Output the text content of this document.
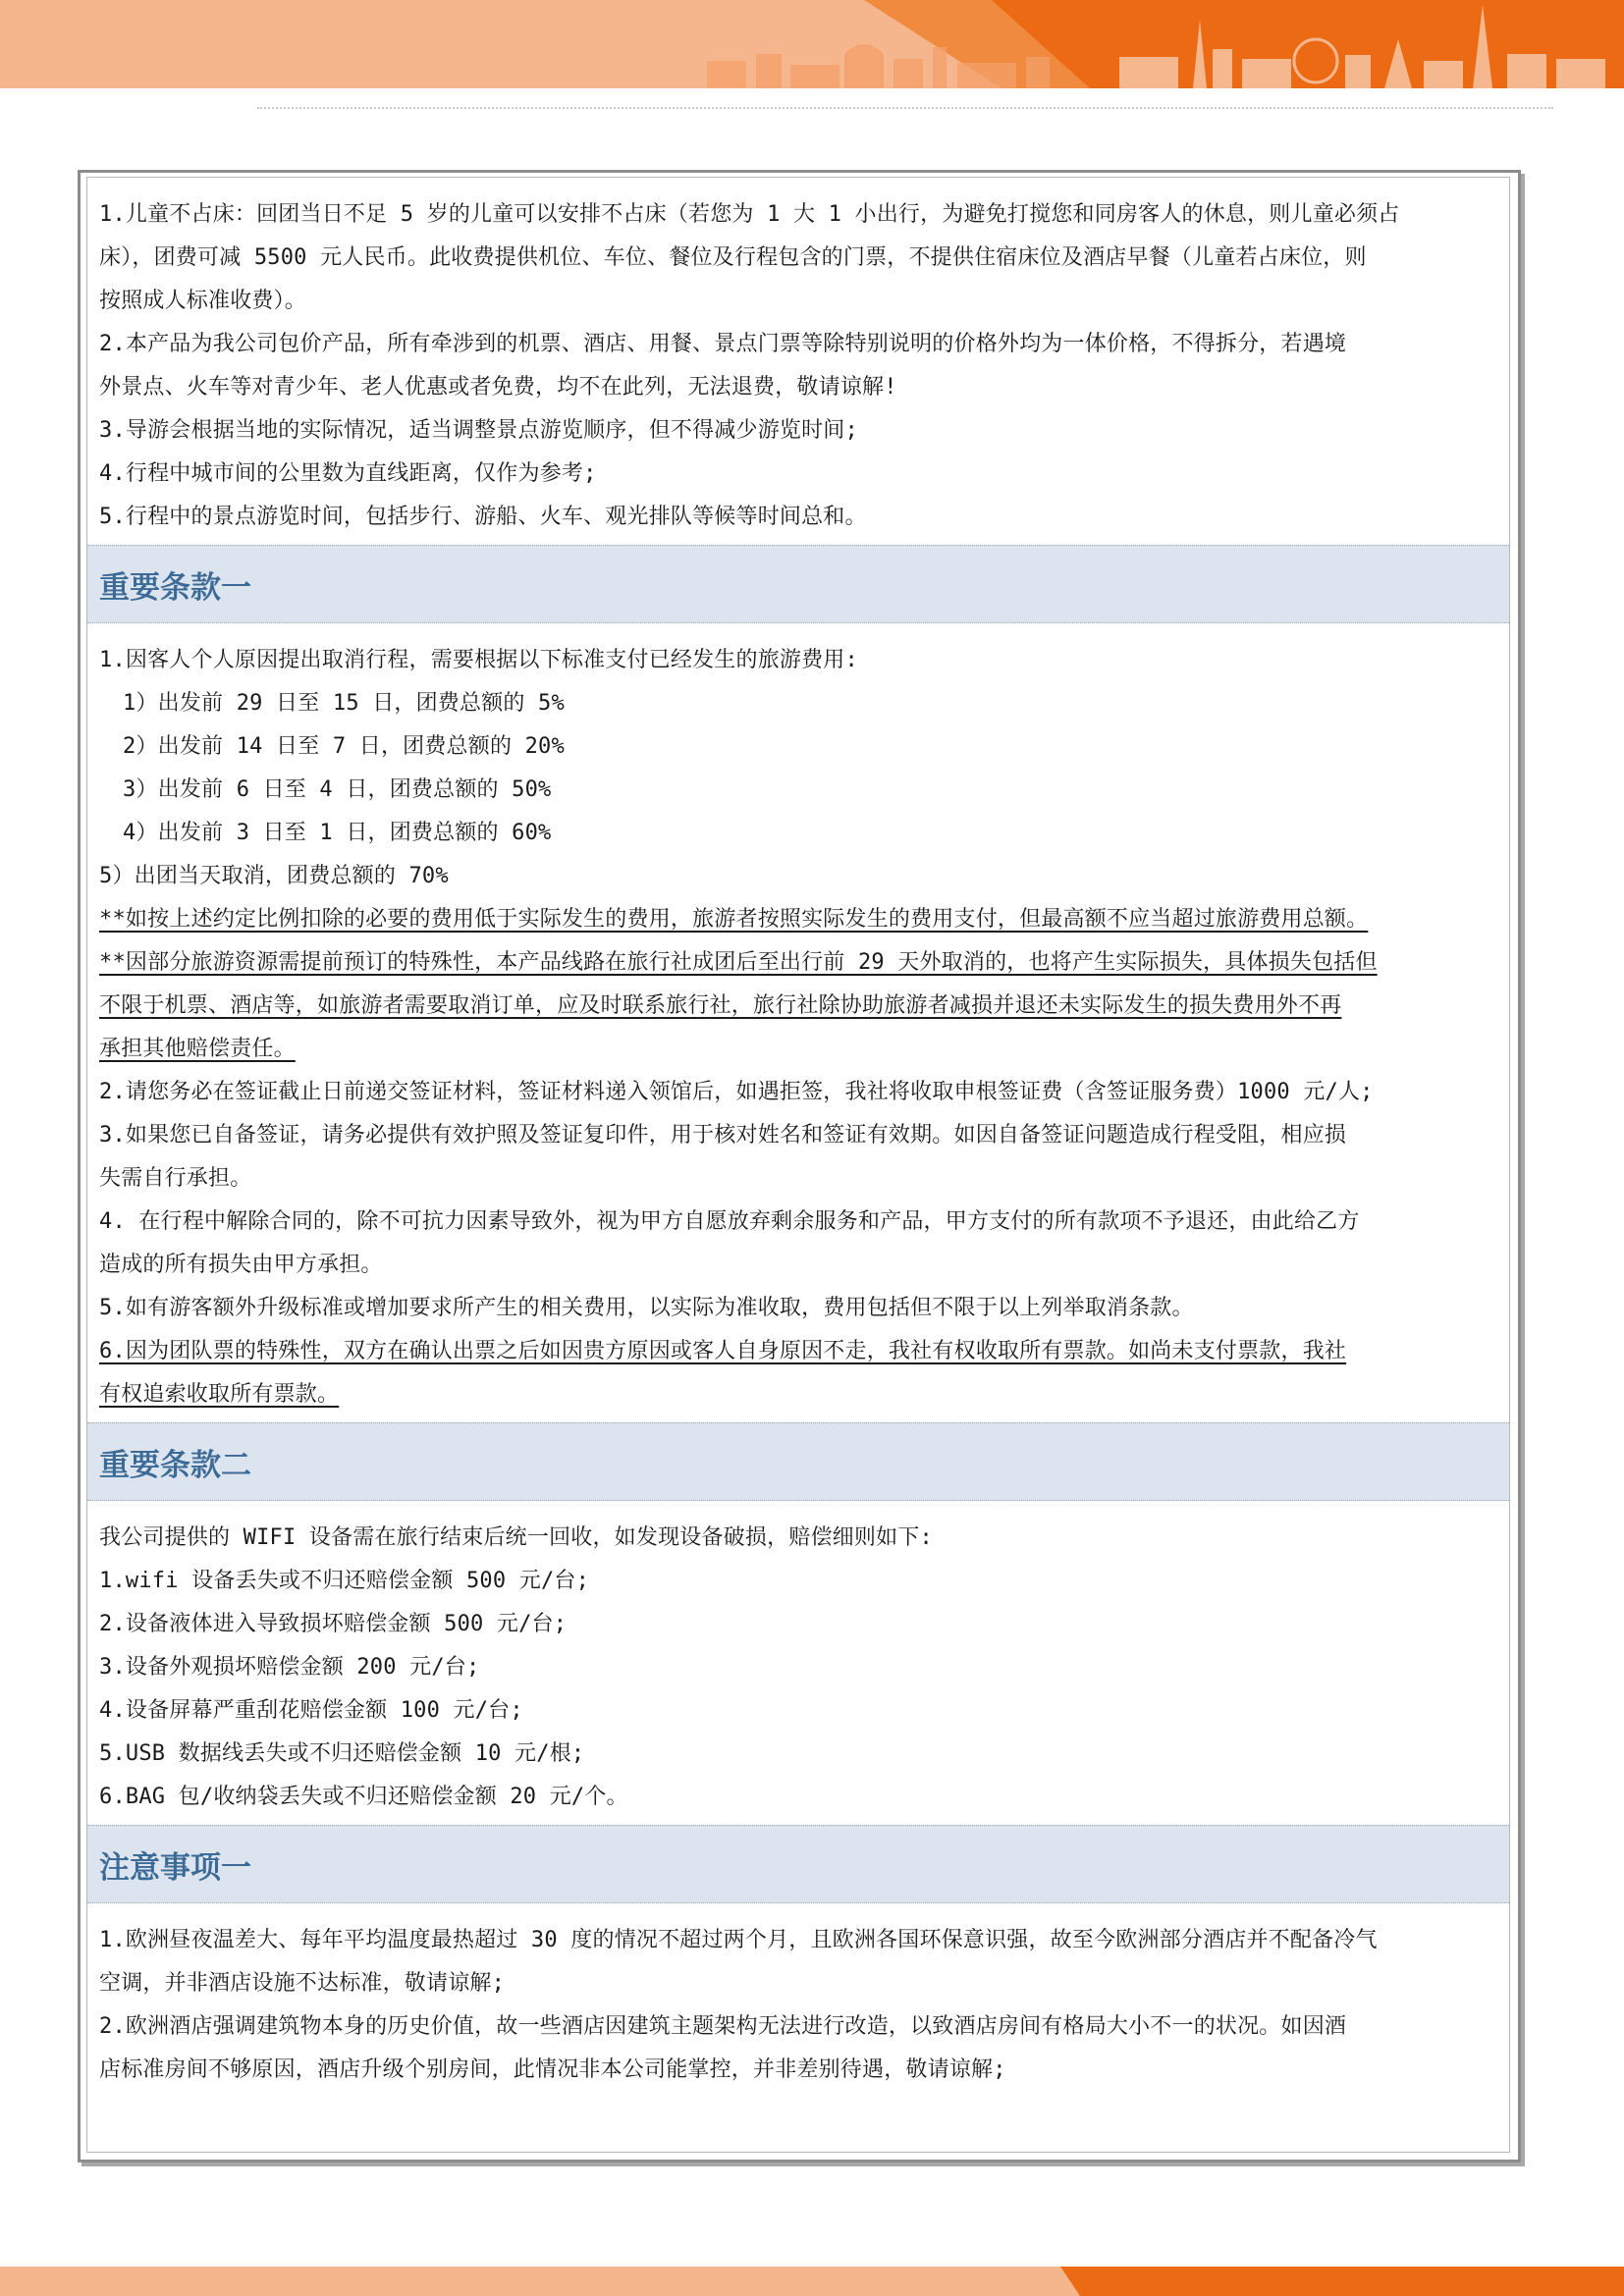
1.儿童不占床：回团当日不足 5 岁的儿童可以安排不占床（若您为 1 大 1 小出行，为避免打搅您和同房客人的休息，则儿童必须占
床），团费可减 5500 元人民币。此收费提供机位、车位、餐位及行程包含的门票，不提供住宿床位及酒店早餐（儿童若占床位，则
按照成人标准收费）。
2.本产品为我公司包价产品，所有牵涉到的机票、酒店、用餐、景点门票等除特别说明的价格外均为一体价格，不得拆分，若遇境
外景点、火车等对青少年、老人优惠或者免费，均不在此列，无法退费，敬请谅解!
3.导游会根据当地的实际情况，适当调整景点游览顺序，但不得减少游览时间;
4.行程中城市间的公里数为直线距离，仅作为参考;
5.行程中的景点游览时间，包括步行、游船、火车、观光排队等候等时间总和。
重要条款一
1.因客人个人原因提出取消行程，需要根据以下标准支付已经发生的旅游费用:
1）出发前 29 日至 15 日，团费总额的 5%
2）出发前 14 日至 7 日，团费总额的 20%
3）出发前 6 日至 4 日，团费总额的 50%
4）出发前 3 日至 1 日，团费总额的 60%
5）出团当天取消，团费总额的 70%
**如按上述约定比例扣除的必要的费用低于实际发生的费用，旅游者按照实际发生的费用支付，但最高额不应当超过旅游费用总额。
**因部分旅游资源需提前预订的特殊性，本产品线路在旅行社成团后至出行前 29 天外取消的，也将产生实际损失，具体损失包括但
不限于机票、酒店等，如旅游者需要取消订单，应及时联系旅行社，旅行社除协助旅游者减损并退还未实际发生的损失费用外不再
承担其他赔偿责任。
2.请您务必在签证截止日前递交签证材料，签证材料递入领馆后，如遇拒签，我社将收取申根签证费（含签证服务费）1000 元/人;
3.如果您已自备签证，请务必提供有效护照及签证复印件，用于核对姓名和签证有效期。如因自备签证问题造成行程受阻，相应损
失需自行承担。
4. 在行程中解除合同的，除不可抗力因素导致外，视为甲方自愿放弃剩余服务和产品，甲方支付的所有款项不予退还，由此给乙方
造成的所有损失由甲方承担。
5.如有游客额外升级标准或增加要求所产生的相关费用，以实际为准收取，费用包括但不限于以上列举取消条款。
6.因为团队票的特殊性，双方在确认出票之后如因贵方原因或客人自身原因不走，我社有权收取所有票款。如尚未支付票款，我社
有权追索收取所有票款。
重要条款二
我公司提供的 WIFI 设备需在旅行结束后统一回收，如发现设备破损，赔偿细则如下:
1.wifi 设备丢失或不归还赔偿金额 500 元/台;
2.设备液体进入导致损坏赔偿金额 500 元/台;
3.设备外观损坏赔偿金额 200 元/台;
4.设备屏幕严重刮花赔偿金额 100 元/台;
5.USB 数据线丢失或不归还赔偿金额 10 元/根;
6.BAG 包/收纳袋丢失或不归还赔偿金额 20 元/个。
注意事项一
1.欧洲昼夜温差大、每年平均温度最热超过 30 度的情况不超过两个月，且欧洲各国环保意识强，故至今欧洲部分酒店并不配备冷气
空调，并非酒店设施不达标准，敬请谅解;
2.欧洲酒店强调建筑物本身的历史价值，故一些酒店因建筑主题架构无法进行改造，以致酒店房间有格局大小不一的状况。如因酒
店标准房间不够原因，酒店升级个别房间，此情况非本公司能掌控，并非差别待遇，敬请谅解;
